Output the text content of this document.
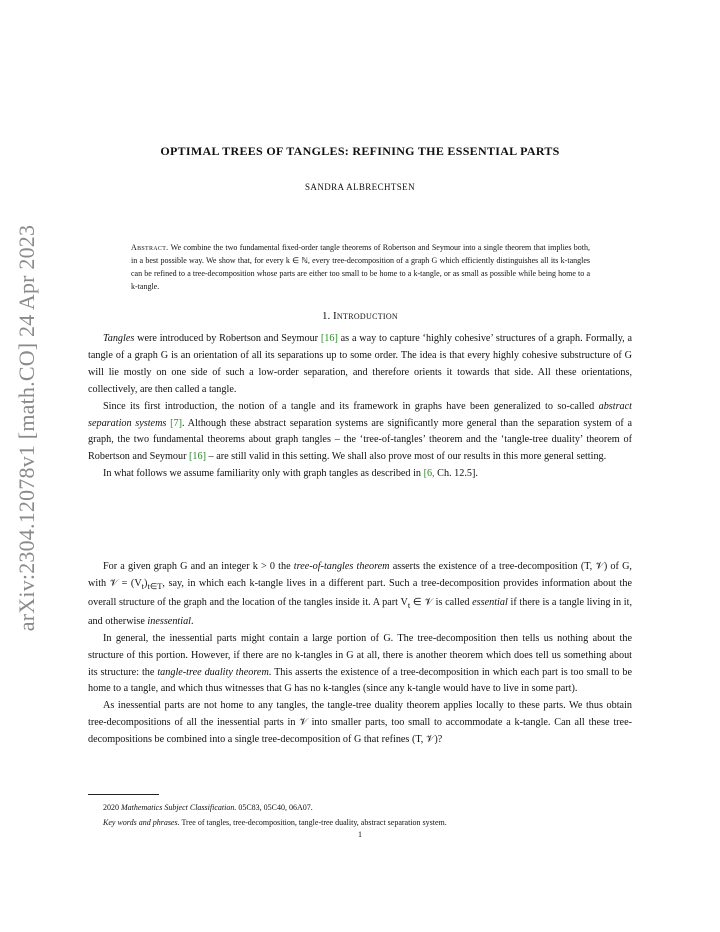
arXiv:2304.12078v1 [math.CO] 24 Apr 2023
OPTIMAL TREES OF TANGLES: REFINING THE ESSENTIAL PARTS
SANDRA ALBRECHTSEN
Abstract. We combine the two fundamental fixed-order tangle theorems of Robertson and Seymour into a single theorem that implies both, in a best possible way. We show that, for every k ∈ ℕ, every tree-decomposition of a graph G which efficiently distinguishes all its k-tangles can be refined to a tree-decomposition whose parts are either too small to be home to a k-tangle, or as small as possible while being home to a k-tangle.
1. Introduction

Tangles were introduced by Robertson and Seymour [16] as a way to capture ‘highly cohesive’ structures of a graph. Formally, a tangle of a graph G is an orientation of all its separations up to some order. The idea is that every highly cohesive substructure of G will lie mostly on one side of such a low-order separation, and therefore orients it towards that side. All these orientations, collectively, are then called a tangle.

Since its first introduction, the notion of a tangle and its framework in graphs have been generalized to so-called abstract separation systems [7]. Although these abstract separation systems are significantly more general than the separation system of a graph, the two fundamental theorems about graph tangles – the ‘tree-of-tangles’ theorem and the ‘tangle-tree duality’ theorem of Robertson and Seymour [16] – are still valid in this setting. We shall also prove most of our results in this more general setting.

In what follows we assume familiarity only with graph tangles as described in [6, Ch. 12.5].

For a given graph G and an integer k > 0 the tree-of-tangles theorem asserts the existence of a tree-decomposition (T, 𝒱) of G, with 𝒱 = $(V_t)_{t\in T}$, say, in which each k-tangle lives in a different part. Such a tree-decomposition provides information about the overall structure of the graph and the location of the tangles inside it. A part $V_t$ ∈ 𝒱 is called essential if there is a tangle living in it, and otherwise inessential.

In general, the inessential parts might contain a large portion of G. The tree-decomposition then tells us nothing about the structure of this portion. However, if there are no k-tangles in G at all, there is another theorem which does tell us something about its structure: the tangle-tree duality theorem. This asserts the existence of a tree-decomposition in which each part is too small to be home to a tangle, and which thus witnesses that G has no k-tangles (since any k-tangle would have to live in some part).

As inessential parts are not home to any tangles, the tangle-tree duality theorem applies locally to these parts. We thus obtain tree-decompositions of all the inessential parts in 𝒱 into smaller parts, too small to accommodate a k-tangle. Can all these tree-decompositions be combined into a single tree-decomposition of G that refines (T, 𝒱)?

2020 Mathematics Subject Classification. 05C83, 05C40, 06A07.

Key words and phrases. Tree of tangles, tree-decomposition, tangle-tree duality, abstract separation system.

1
